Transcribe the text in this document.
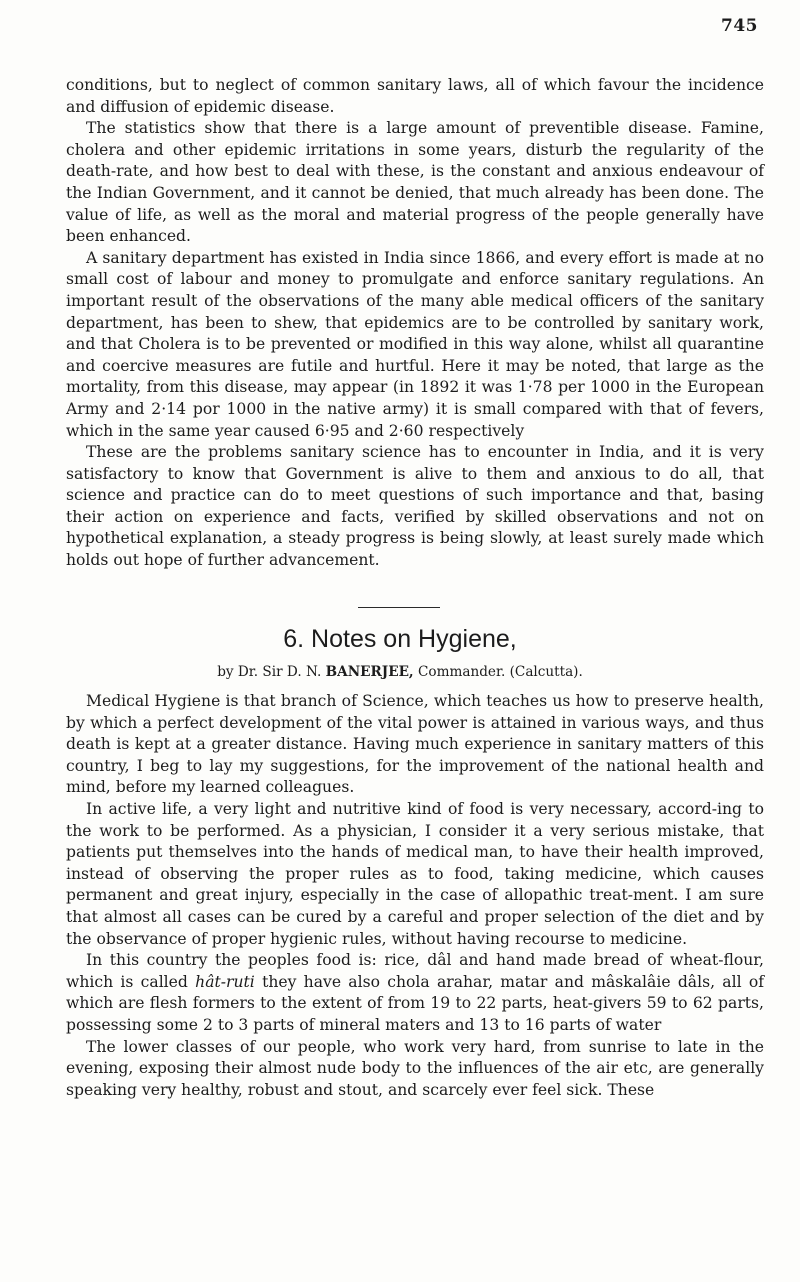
745

conditions, but to neglect of common sanitary laws, all of which favour the incidence and diffusion of epidemic disease.

The statistics show that there is a large amount of preventible disease. Famine, cholera and other epidemic irritations in some years, disturb the regularity of the death-rate, and how best to deal with these, is the constant and anxious endeavour of the Indian Government, and it cannot be denied, that much already has been done. The value of life, as well as the moral and material progress of the people generally have been enhanced.

A sanitary department has existed in India since 1866, and every effort is made at no small cost of labour and money to promulgate and enforce sanitary regulations. An important result of the observations of the many able medical officers of the sanitary department, has been to shew, that epidemics are to be controlled by sanitary work, and that Cholera is to be prevented or modified in this way alone, whilst all quarantine and coercive measures are futile and hurtful. Here it may be noted, that large as the mortality, from this disease, may appear (in 1892 it was 1·78 per 1000 in the European Army and 2·14 por 1000 in the native army) it is small compared with that of fevers, which in the same year caused 6·95 and 2·60 respectively

These are the problems sanitary science has to encounter in India, and it is very satisfactory to know that Government is alive to them and anxious to do all, that science and practice can do to meet questions of such importance and that, basing their action on experience and facts, verified by skilled observations and not on hypothetical explanation, a steady progress is being slowly, at least surely made which holds out hope of further advancement.

6. Notes on Hygiene,
by Dr. Sir D. N. BANERJEE, Commander. (Calcutta).

Medical Hygiene is that branch of Science, which teaches us how to preserve health, by which a perfect development of the vital power is attained in various ways, and thus death is kept at a greater distance. Having much experience in sanitary matters of this country, I beg to lay my suggestions, for the improvement of the national health and mind, before my learned colleagues.

In active life, a very light and nutritive kind of food is very necessary, accord-ing to the work to be performed. As a physician, I consider it a very serious mistake, that patients put themselves into the hands of medical man, to have their health improved, instead of observing the proper rules as to food, taking medicine, which causes permanent and great injury, especially in the case of allopathic treat-ment. I am sure that almost all cases can be cured by a careful and proper selection of the diet and by the observance of proper hygienic rules, without having recourse to medicine.

In this country the peoples food is: rice, dâl and hand made bread of wheat-flour, which is called hât-ruti they have also chola arahar, matar and mâskalâie dâls, all of which are flesh formers to the extent of from 19 to 22 parts, heat-givers 59 to 62 parts, possessing some 2 to 3 parts of mineral maters and 13 to 16 parts of water

The lower classes of our people, who work very hard, from sunrise to late in the evening, exposing their almost nude body to the influences of the air etc, are generally speaking very healthy, robust and stout, and scarcely ever feel sick. These
